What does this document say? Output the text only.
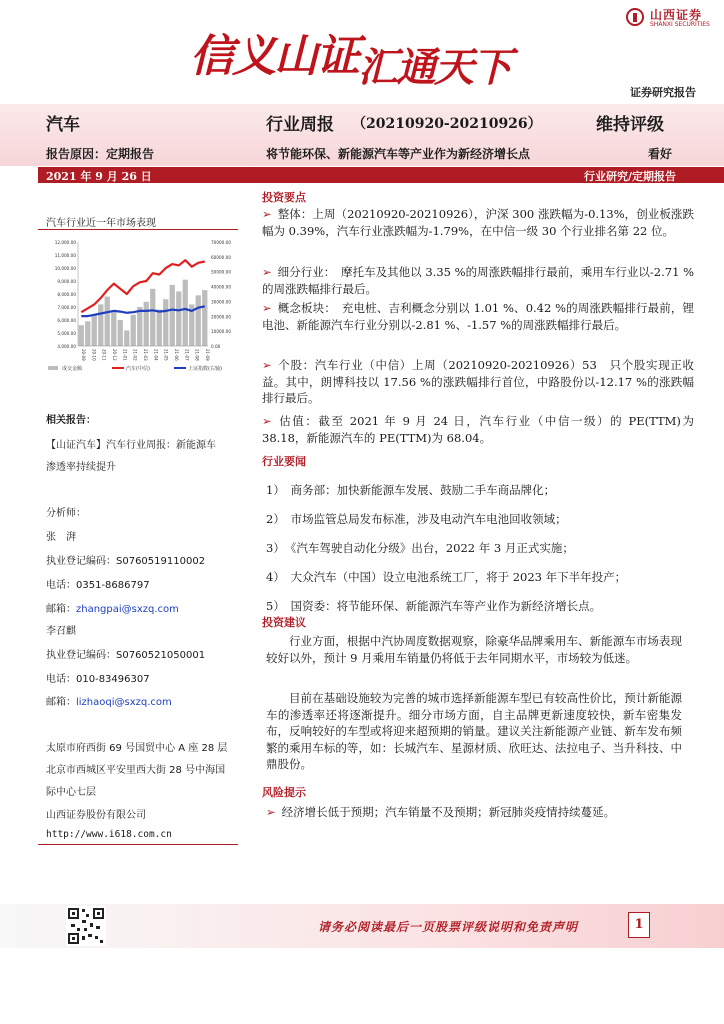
山西证券
SHANXI SECURITIES
信义山证汇通天下
证券研究报告
汽车	行业周报 （20210920-20210926）	维持评级
报告原因：定期报告	将节能环保、新能源汽车等产业作为新经济增长点	看好
2021 年 9 月 26 日	行业研究/定期报告
汽车行业近一年市场表现
12,000.00
11,000.00
10,000.00
9,000.00
8,000.00
7,000.00
6,000.00
5,000.00
4,000.00
70000.00
60000.00
50000.00
40000.00
30000.00
20000.00
10000.00
0.00
20-09 20-10 20-11 20-12 21-01 21-02 21-03 21-04 21-05 21-06 21-07 21-08 21-09
成交金额	汽车(中信)	上证指数(右轴)
相关报告：
【山证汽车】汽车行业周报：新能源车
渗透率持续提升
分析师：
张　湃
执业登记编码：S0760519110002
电话：0351-8686797
邮箱：zhangpai@sxzq.com
李召麒
执业登记编码：S0760521050001
电话：010-83496307
邮箱：lizhaoqi@sxzq.com
太原市府西街 69 号国贸中心 A 座 28 层
北京市西城区平安里西大街 28 号中海国
际中心七层
山西证券股份有限公司
http://www.i618.com.cn
投资要点
➢ 整体：上周（20210920-20210926），沪深 300 涨跌幅为-0.13%，创业板涨跌幅为 0.39%，汽车行业涨跌幅为-1.79%，在中信一级 30 个行业排名第 22 位。
➢ 细分行业：　摩托车及其他以 3.35 %的周涨跌幅排行最前，乘用车行业以-2.71 %的周涨跌幅排行最后。
➢ 概念板块：　充电桩、吉利概念分别以 1.01 %、0.42 %的周涨跌幅排行最前，锂电池、新能源汽车行业分别以-2.81 %、-1.57 %的周涨跌幅排行最后。
➢ 个股：汽车行业（中信）上周（20210920-20210926）53　只个股实现正收益。其中，朗博科技以 17.56 %的涨跌幅排行首位，中路股份以-12.17 %的涨跌幅排行最后。
➢ 估值：截至 2021 年 9 月 24 日，汽车行业（中信一级）的 PE(TTM)为 38.18，新能源汽车的 PE(TTM)为 68.04。
行业要闻
1）　商务部：加快新能源车发展、鼓励二手车商品牌化；
2）　市场监管总局发布标准，涉及电动汽车电池回收领域；
3）　《汽车驾驶自动化分级》出台，2022 年 3 月正式实施；
4）　大众汽车（中国）设立电池系统工厂，将于 2023 年下半年投产；
5）　国资委：将节能环保、新能源汽车等产业作为新经济增长点。
投资建议
行业方面，根据中汽协周度数据观察，除豪华品牌乘用车、新能源车市场表现较好以外，预计 9 月乘用车销量仍将低于去年同期水平，市场较为低迷。
目前在基础设施较为完善的城市选择新能源车型已有较高性价比，预计新能源车的渗透率还将逐渐提升。细分市场方面，自主品牌更新速度较快，新车密集发布，反响较好的车型或将迎来超预期的销量。建议关注新能源产业链、新车发布频繁的乘用车标的等，如：长城汽车、星源材质、欣旺达、法拉电子、当升科技、中鼎股份。
风险提示
➢ 经济增长低于预期；汽车销量不及预期；新冠肺炎疫情持续蔓延。
请务必阅读最后一页股票评级说明和免责声明	1
